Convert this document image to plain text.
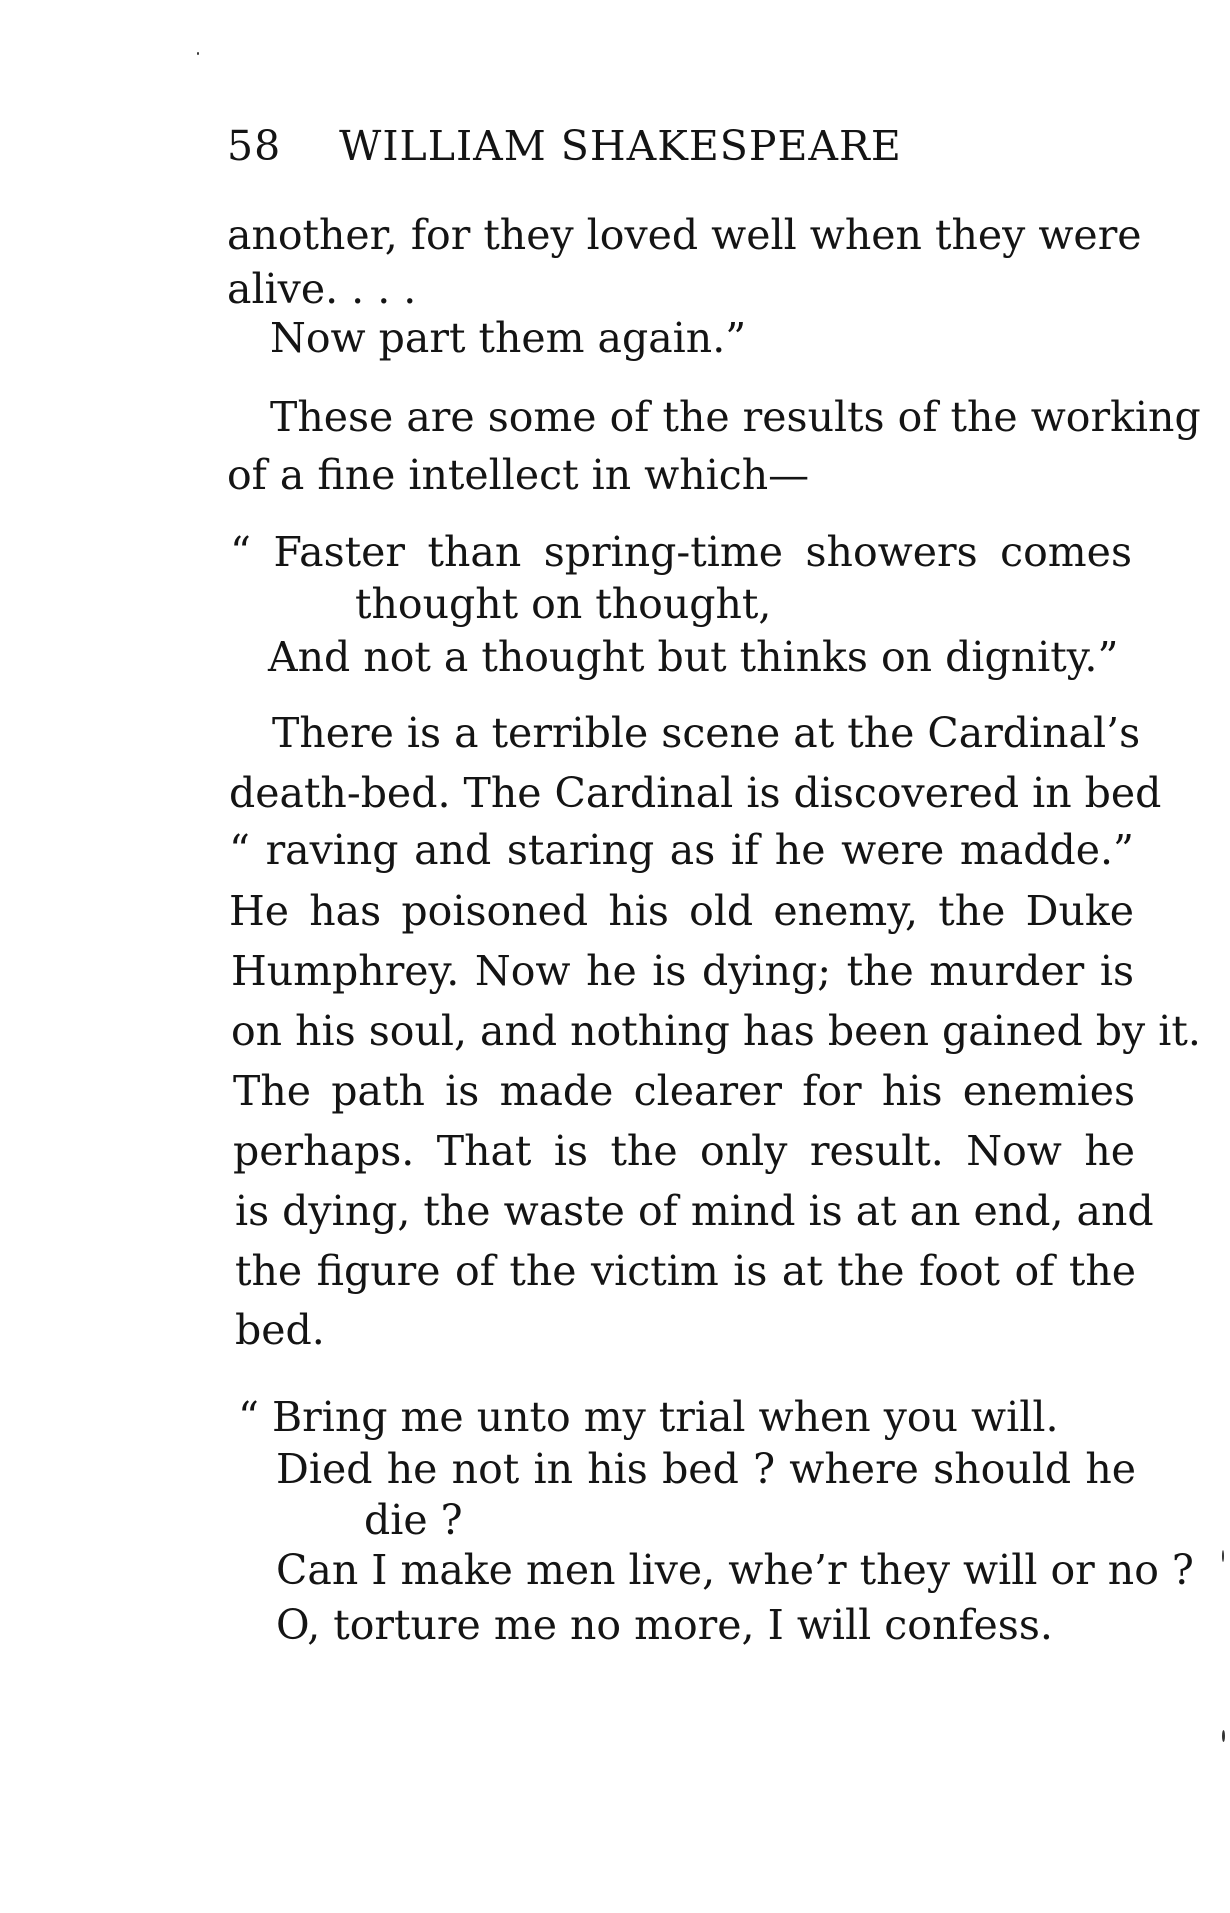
58 WILLIAM SHAKESPEARE
another, for they loved well when they were
alive. . . .
Now part them again.”
These are some of the results of the working
of a fine intellect in which—
“ Faster than spring-time showers comes
thought on thought,
And not a thought but thinks on dignity.”
There is a terrible scene at the Cardinal’s
death-bed. The Cardinal is discovered in bed
“ raving and staring as if he were madde.”
He has poisoned his old enemy, the Duke
Humphrey. Now he is dying; the murder is
on his soul, and nothing has been gained by it.
The path is made clearer for his enemies
perhaps. That is the only result. Now he
is dying, the waste of mind is at an end, and
the figure of the victim is at the foot of the
bed.
“ Bring me unto my trial when you will.
Died he not in his bed ? where should he
die ?
Can I make men live, whe’r they will or no ?
O, torture me no more, I will confess.
